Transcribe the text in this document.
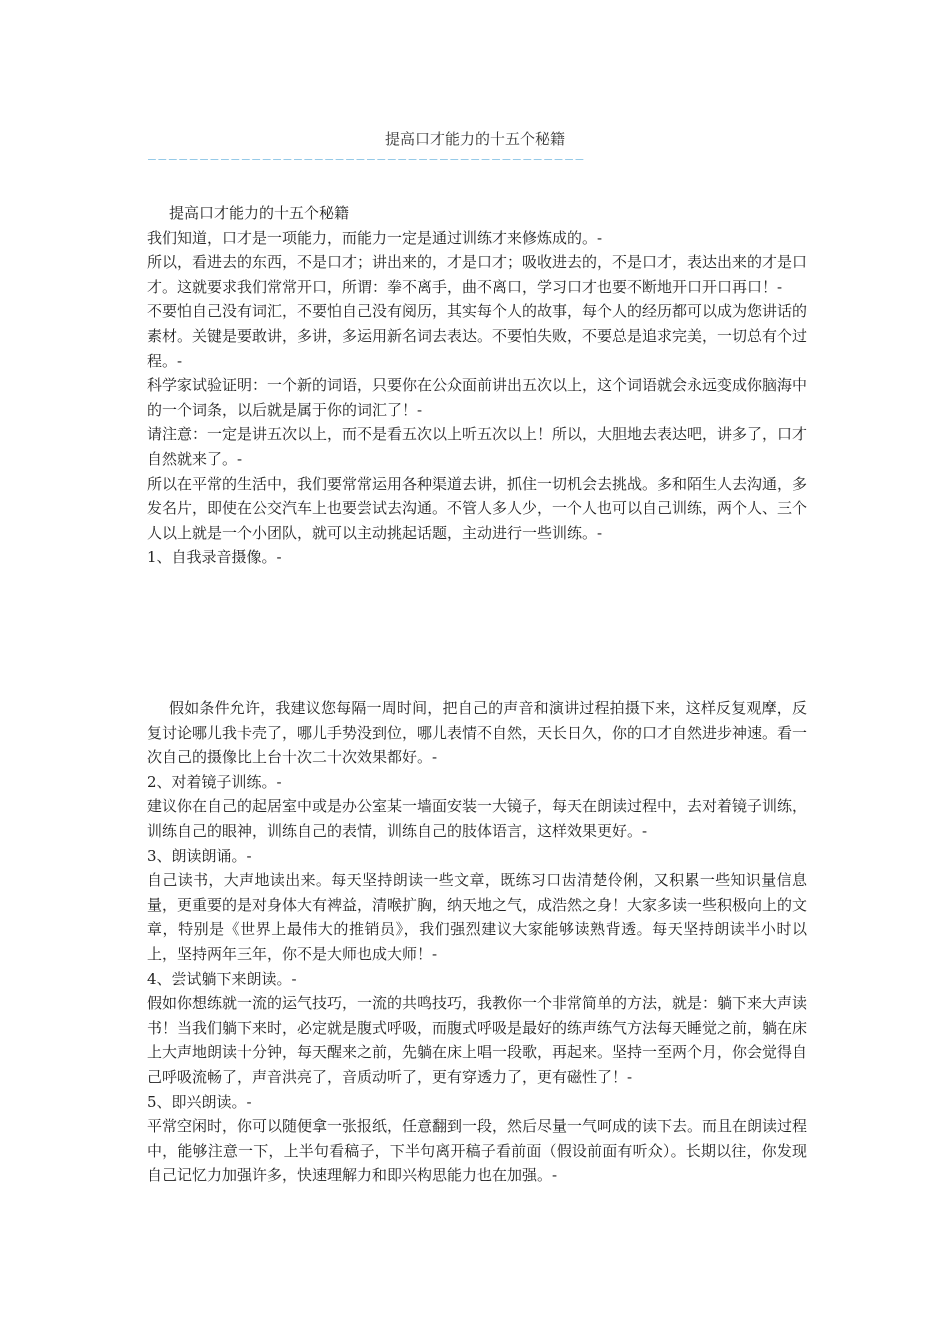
提高口才能力的十五个秘籍
——————————————————————————————————————————

提高口才能力的十五个秘籍

我们知道，口才是一项能力，而能力一定是通过训练才来修炼成的。-

所以，看进去的东西，不是口才；讲出来的，才是口才；吸收进去的，不是口才，表达出来的才是口才。这就要求我们常常开口，所谓：拳不离手，曲不离口，学习口才也要不断地开口开口再口！-

不要怕自己没有词汇，不要怕自己没有阅历，其实每个人的故事，每个人的经历都可以成为您讲话的素材。关键是要敢讲，多讲，多运用新名词去表达。不要怕失败，不要总是追求完美，一切总有个过程。-

科学家试验证明：一个新的词语，只要你在公众面前讲出五次以上，这个词语就会永远变成你脑海中的一个词条，以后就是属于你的词汇了！-

请注意：一定是讲五次以上，而不是看五次以上听五次以上！所以，大胆地去表达吧，讲多了，口才自然就来了。-

所以在平常的生活中，我们要常常运用各种渠道去讲，抓住一切机会去挑战。多和陌生人去沟通，多发名片，即使在公交汽车上也要尝试去沟通。不管人多人少，一个人也可以自己训练，两个人、三个人以上就是一个小团队，就可以主动挑起话题，主动进行一些训练。-

1、自我录音摄像。-

假如条件允许，我建议您每隔一周时间，把自己的声音和演讲过程拍摄下来，这样反复观摩，反复讨论哪儿我卡壳了，哪儿手势没到位，哪儿表情不自然，天长日久，你的口才自然进步神速。看一次自己的摄像比上台十次二十次效果都好。-

2、对着镜子训练。-

建议你在自己的起居室中或是办公室某一墙面安装一大镜子，每天在朗读过程中，去对着镜子训练，训练自己的眼神，训练自己的表情，训练自己的肢体语言，这样效果更好。-

3、朗读朗诵。-

自己读书，大声地读出来。每天坚持朗读一些文章，既练习口齿清楚伶俐，又积累一些知识量信息量，更重要的是对身体大有裨益，清喉扩胸，纳天地之气，成浩然之身！大家多读一些积极向上的文章，特别是《世界上最伟大的推销员》，我们强烈建议大家能够读熟背透。每天坚持朗读半小时以上，坚持两年三年，你不是大师也成大师！-

4、尝试躺下来朗读。-

假如你想练就一流的运气技巧，一流的共鸣技巧，我教你一个非常简单的方法，就是：躺下来大声读书！当我们躺下来时，必定就是腹式呼吸，而腹式呼吸是最好的练声练气方法每天睡觉之前，躺在床上大声地朗读十分钟，每天醒来之前，先躺在床上唱一段歌，再起来。坚持一至两个月，你会觉得自己呼吸流畅了，声音洪亮了，音质动听了，更有穿透力了，更有磁性了！-

5、即兴朗读。-

平常空闲时，你可以随便拿一张报纸，任意翻到一段，然后尽量一气呵成的读下去。而且在朗读过程中，能够注意一下，上半句看稿子，下半句离开稿子看前面（假设前面有听众）。长期以往，你发现自己记忆力加强许多，快速理解力和即兴构思能力也在加强。-
